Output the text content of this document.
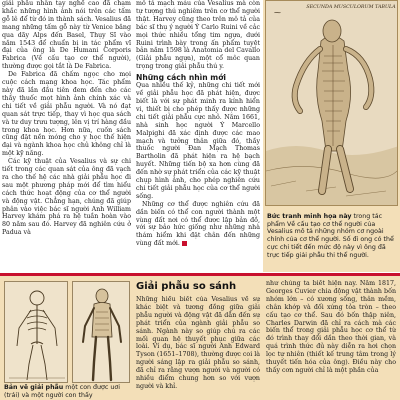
giải phẫu nhân tạy nghề cao đã chạm khắc những hình ảnh nói trên các tấm gỗ lê để từ đó in thành sách. Vesalius đã mang những tấm gỗ này từ Venice băng qua dãy Alps đến Basel, Thụy Sĩ vào năm 1543 để chuẩn bị in tác phẩm vĩ đại của ông là De Humani Corporis Fabrica (Về cấu tạo cơ thể người), thường được gọi tắt là De Fabrica.

De Fabrica đã chấm ngọc cho mọi cuộc cách mạng khoa học. Tác phẩm này đã lần đầu tiên đem đến cho các thầy thuốc mọt hình ảnh chính xác và chi tiết về giải phẫu người. Và nó đạt quan sát trực tiếp, thay vì học qua sách và tư duy trưu tượng, lên vị trí hàng đầu trong khoa học. Hơn nữa, cuốn sách cũng đặt nền móng cho y học thế hiện đại và ngành khoa học chủ không chỉ là một kỹ năng.

Các kỹ thuật của Vesalius và sự chi tiết trong các quan sát của ông đã vạch ra cho thế hệ các nhà giải phẫu học đi sau một phương pháp mới để tìm hiểu cách thức hoạt động của cơ thể người và động vật. Chẳng hạn, chúng đã giúp phân vào việc bác sĩ người Anh William Harvey khám phá ra hệ tuần hoàn vào 80 năm sau đó. Harvey đã nghiên cứu ở Padua và

mô tả mạch máu của Vesalius mà còn tự tượng thú nghiêm trên cơ thể người thật. Harvey cũng theo trên mô tả của bác sĩ thụ ý người Ý Carlo Ruini về cảc mọi thức nhiều tổng tim ngựa, dưới Ruini trình bày trong ấn phẩm tuyệt bản năm 1598 là Anatomia del Cavallo (Giải phẫu ngựa), một cổ môc quan trọng trong giải phẫu thú y.

Những cách nhìn mới

Qua nhiều thế kỷ, những chi tiết mới về giải phẫu học đã phát hiện, được biết là với sự phát minh ra kính hiển vi, thiết bị cho phép thấy được những chi tiết giải phẫu cực nhỏ. Năm 1661, nhà sinh học người Ý Marcello Malpighi đã xác định được các mao mạch và tưởng thân giữa đó, thầy thuốc người Đan Mạch Thomas Bartholin đã phát hiện ra hệ bạch huyết. Những tiến bộ xa hơn cùng đã đến nhờ sự phát triển của các kỹ thuật chụp hình ảnh, cho phép nghiên cứu chi tiết giải phẫu học của cơ thể người sống.

Những cơ thể được nghiên cứu đã dần biến có thể con người thành một vùng đất nơi có thể được lập bản đồ, với sự bảo hức giống như những nhà thám hiểm khi đặt chân đến những vùng đất mới.

⁓
SECUNDA MUSCULORUM TABULA
Bức tranh minh họa này trong tác phẩm Về cấu tạo cơ thể người của Vesalius mô tả những nhóm cơ ngoài chính của cơ thể người. Số đi ong có thể cực chi tiết đến mức độ này vì ông đã trực tiếp giải phẫu thi thể người.
Bản vẽ giải phẫu một con được uơi (trái) và một người con thấy
Giải phẫu so sánh

Những hiểu biết của Vesalius về sự khác biệt và tương đồng giữa giải phẫu người và động vật đã dẫn đến sự phát triển của ngành giải phẫu so sánh. Ngành này so giúp chú ra các mối quan hệ thuyết phục giữa các loài. Ví dụ, bác sĩ người Anh Edward Tyson (1651–1708), thường được coi là người sáng lập ra giải phẫu so sánh, đã chỉ ra rằng vượn người và người có nhiều điểm chung hơn so với vượn người và khỉ.

như chúng ta biết hiện nay. Năm 1817, Georges Cuvier chia động vật thành bốn nhóm lớn – có xương sống, thân mềm, chân khớp và đối xứng tỏa tròn – theo cấu tạo cơ thể. Sau đó bốn thập niên, Charles Darwin đã chỉ ra cách mà các biến thể trong giải phẫu học cơ thể từ đó trình thay đổi dần theo thời gian, và quá trình thức đủ này diễn ra hơi chọn lọc tự nhiên (thiết kế trung tâm trong lý thuyết tiến hóa của ông). Điều này cho thấy cơn người chỉ là một phần của
